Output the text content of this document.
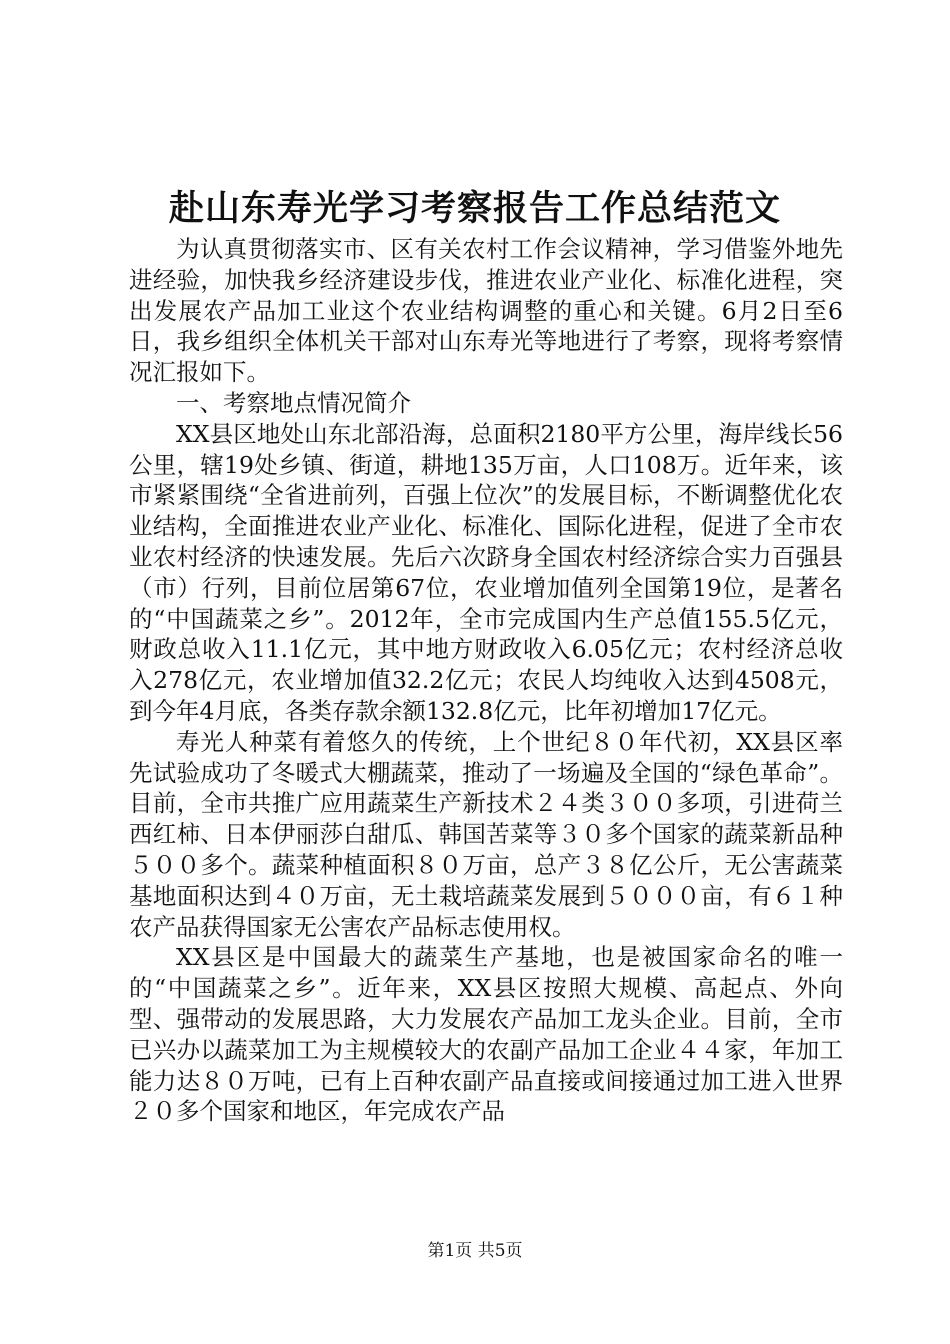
赴山东寿光学习考察报告工作总结范文

为认真贯彻落实市、区有关农村工作会议精神，学习借鉴外地先进经验，加快我乡经济建设步伐，推进农业产业化、标准化进程，突出发展农产品加工业这个农业结构调整的重心和关键。6月2日至6日，我乡组织全体机关干部对山东寿光等地进行了考察，现将考察情况汇报如下。

一、考察地点情况简介

XX县区地处山东北部沿海，总面积2180平方公里，海岸线长56公里，辖19处乡镇、街道，耕地135万亩，人口108万。近年来，该市紧紧围绕“全省进前列，百强上位次”的发展目标，不断调整优化农业结构，全面推进农业产业化、标准化、国际化进程，促进了全市农业农村经济的快速发展。先后六次跻身全国农村经济综合实力百强县（市）行列，目前位居第67位，农业增加值列全国第19位，是著名的“中国蔬菜之乡”。2012年，全市完成国内生产总值155.5亿元，财政总收入11.1亿元，其中地方财政收入6.05亿元；农村经济总收入278亿元，农业增加值32.2亿元；农民人均纯收入达到4508元，到今年4月底，各类存款余额132.8亿元，比年初增加17亿元。

寿光人种菜有着悠久的传统，上个世纪８０年代初，XX县区率先试验成功了冬暖式大棚蔬菜，推动了一场遍及全国的“绿色革命”。目前，全市共推广应用蔬菜生产新技术２４类３００多项，引进荷兰西红柿、日本伊丽莎白甜瓜、韩国苦菜等３０多个国家的蔬菜新品种５００多个。蔬菜种植面积８０万亩，总产３８亿公斤，无公害蔬菜基地面积达到４０万亩，无土栽培蔬菜发展到５０００亩，有６１种农产品获得国家无公害农产品标志使用权。

XX县区是中国最大的蔬菜生产基地，也是被国家命名的唯一的“中国蔬菜之乡”。近年来，XX县区按照大规模、高起点、外向型、强带动的发展思路，大力发展农产品加工龙头企业。目前，全市已兴办以蔬菜加工为主规模较大的农副产品加工企业４４家，年加工能力达８０万吨，已有上百种农副产品直接或间接通过加工进入世界２０多个国家和地区，年完成农产品

第1页 共5页
